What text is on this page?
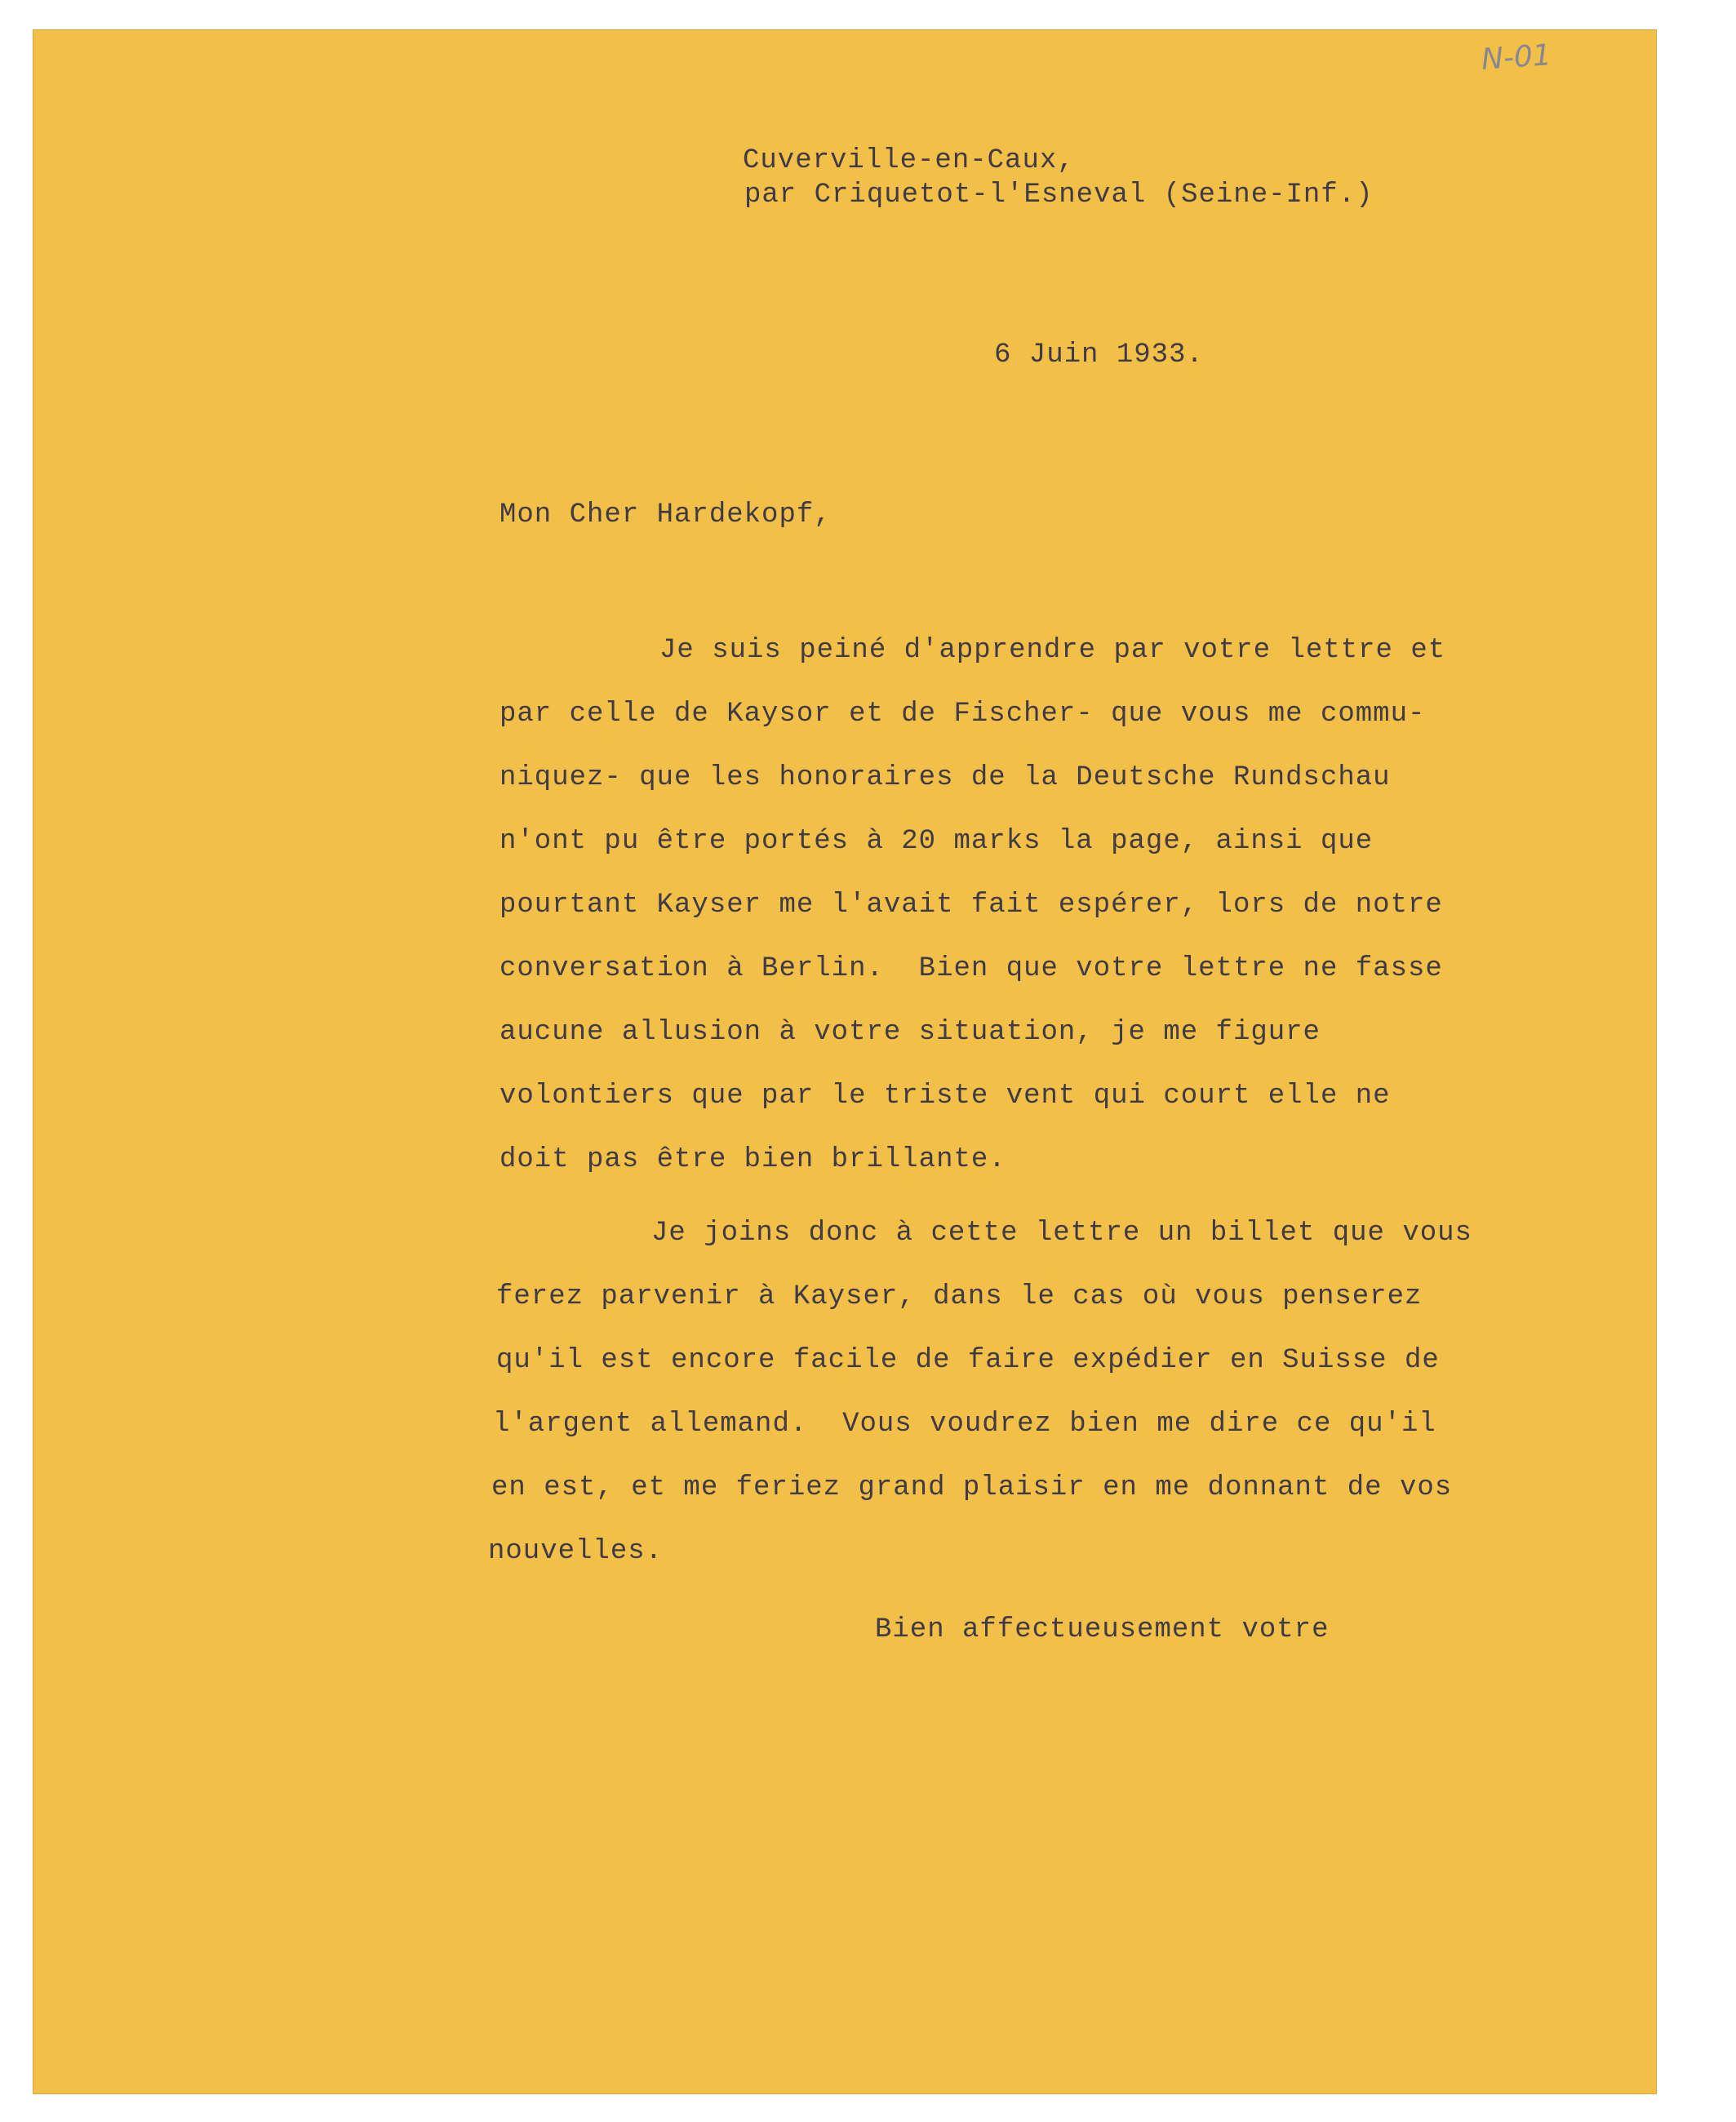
N-01
Cuverville-en-Caux,
par Criquetot-l'Esneval (Seine-Inf.)
6 Juin 1933.
Mon Cher Hardekopf,
Je suis peiné d'apprendre par votre lettre et
par celle de Kaysor et de Fischer- que vous me commu-
niquez- que les honoraires de la Deutsche Rundschau
n'ont pu être portés à 20 marks la page, ainsi que
pourtant Kayser me l'avait fait espérer, lors de notre
conversation à Berlin.  Bien que votre lettre ne fasse
aucune allusion à votre situation, je me figure
volontiers que par le triste vent qui court elle ne
doit pas être bien brillante.
Je joins donc à cette lettre un billet que vous
ferez parvenir à Kayser, dans le cas où vous penserez
qu'il est encore facile de faire expédier en Suisse de
l'argent allemand.  Vous voudrez bien me dire ce qu'il
en est, et me feriez grand plaisir en me donnant de vos
nouvelles.
Bien affectueusement votre
